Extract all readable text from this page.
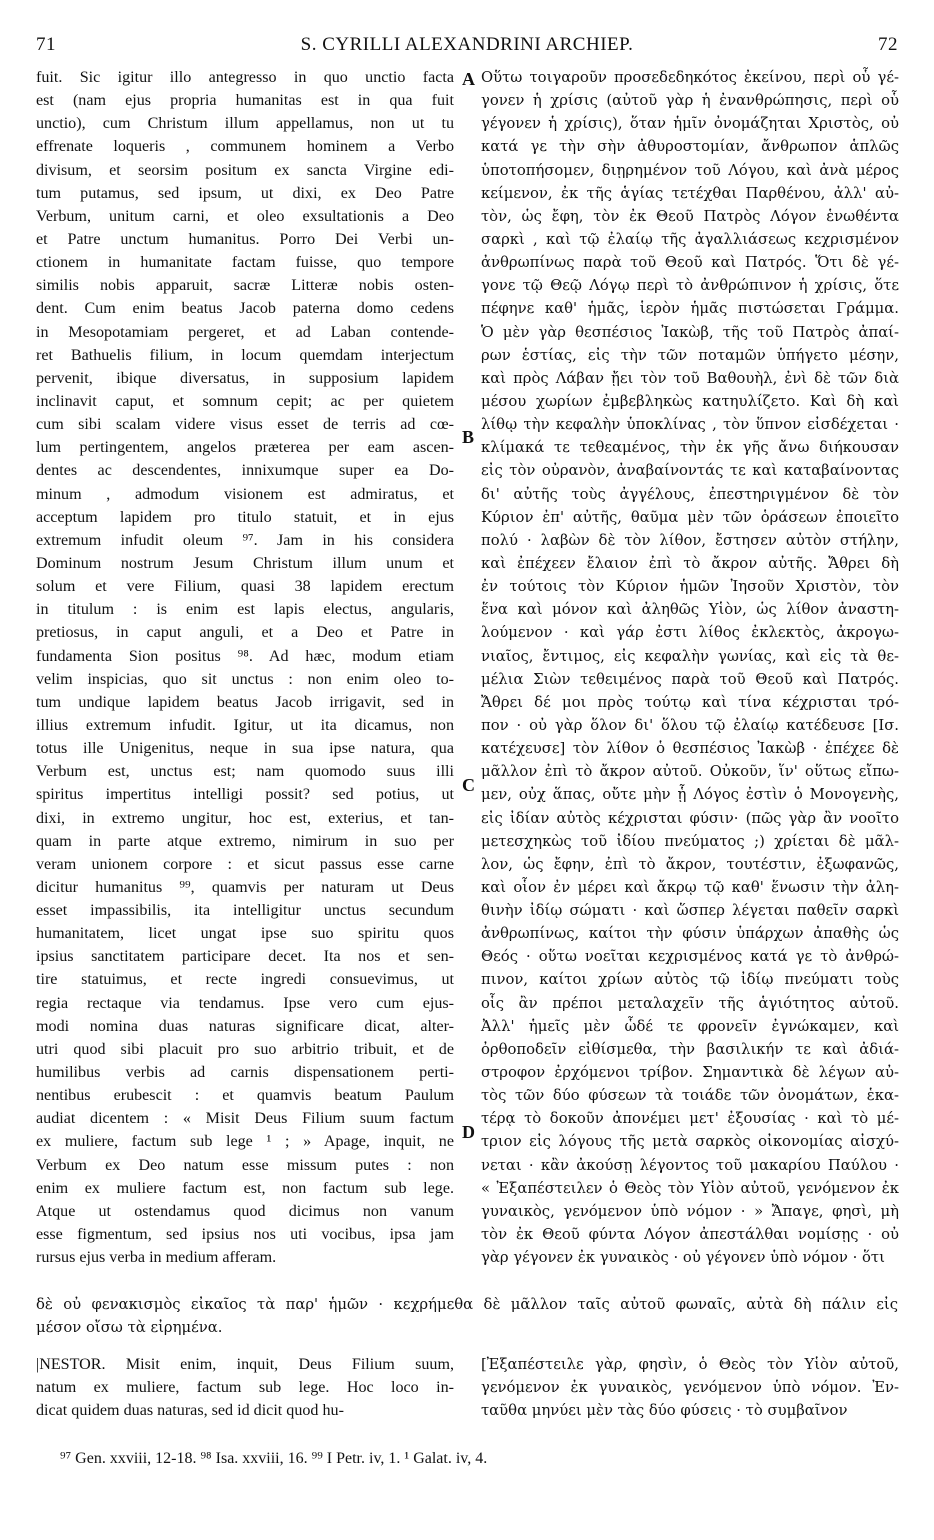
71	S. CYRILLI ALEXANDRINI ARCHIEP.	72
fuit. Sic igitur illo antegresso in quo unctio facta
est (nam ejus propria humanitas est in qua fuit
unctio), cum Christum illum appellamus, non ut tu
effrenate loqueris , communem hominem a Verbo
divisum, et seorsim positum ex sancta Virgine edi-
tum putamus, sed ipsum, ut dixi, ex Deo Patre
Verbum, unitum carni, et oleo exsultationis a Deo
et Patre unctum humanitus. Porro Dei Verbi un-
ctionem in humanitate factam fuisse, quo tempore
similis nobis apparuit, sacræ Litteræ nobis osten-
dent. Cum enim beatus Jacob paterna domo cedens
in Mesopotamiam pergeret, et ad Laban contende-
ret Bathuelis filium, in locum quemdam interjectum
pervenit, ibique diversatus, in supposium lapidem
inclinavit caput, et somnum cepit; ac per quietem
cum sibi scalam videre visus esset de terris ad cœ-
lum pertingentem, angelos præterea per eam ascen-
dentes ac descendentes, innixumque super ea Do-
minum , admodum visionem est admiratus, et
acceptum lapidem pro titulo statuit, et in ejus
extremum infudit oleum ⁹⁷. Jam in his considera
Dominum nostrum Jesum Christum illum unum et
solum et vere Filium, quasi 38 lapidem erectum
in titulum : is enim est lapis electus, angularis,
pretiosus, in caput anguli, et a Deo et Patre in
fundamenta Sion positus ⁹⁸. Ad hæc, modum etiam
velim inspicias, quo sit unctus : non enim oleo to-
tum undique lapidem beatus Jacob irrigavit, sed in
illius extremum infudit. Igitur, ut ita dicamus, non
totus ille Unigenitus, neque in sua ipse natura, qua
Verbum est, unctus est; nam quomodo suus illi
spiritus impertitus intelligi possit? sed potius, ut
dixi, in extremo ungitur, hoc est, exterius, et tan-
quam in parte atque extremo, nimirum in suo per
veram unionem corpore : et sicut passus esse carne
dicitur humanitus ⁹⁹, quamvis per naturam ut Deus
esset impassibilis, ita intelligitur unctus secundum
humanitatem, licet ungat ipse suo spiritu quos
ipsius sanctitatem participare decet. Ita nos et sen-
tire statuimus, et recte ingredi consuevimus, ut
regia rectaque via tendamus. Ipse vero cum ejus-
modi nomina duas naturas significare dicat, alter-
utri quod sibi placuit pro suo arbitrio tribuit, et de
humilibus verbis ad carnis dispensationem perti-
nentibus erubescit : et quamvis beatum Paulum
audiat dicentem : « Misit Deus Filium suum factum
ex muliere, factum sub lege ¹ ; » Apage, inquit, ne
Verbum ex Deo natum esse missum putes : non
enim ex muliere factum est, non factum sub lege.
Atque ut ostendamus quod dicimus non vanum
esse figmentum, sed ipsius nos uti vocibus, ipsa jam
rursus ejus verba in medium afferam.
Οὕτω τοιγαροῦν προσεδεδηκότος ἐκείνου, περὶ οὗ γέ-
γονεν ἡ χρίσις (αὐτοῦ γὰρ ἡ ἐνανθρώπησις, περὶ οὗ
γέγονεν ἡ χρίσις), ὅταν ἡμῖν ὀνομάζηται Χριστὸς, οὐ
κατά γε τὴν σὴν ἀθυροστομίαν, ἄνθρωπον ἁπλῶς
ὑποτοπήσομεν, διῃρημένον τοῦ Λόγου, καὶ ἀνὰ μέρος
κείμενον, ἐκ τῆς ἁγίας τετέχθαι Παρθένου, ἀλλ' αὐ-
τὸν, ὡς ἔφη, τὸν ἐκ Θεοῦ Πατρὸς Λόγον ἑνωθέντα
σαρκὶ , καὶ τῷ ἐλαίῳ τῆς ἀγαλλιάσεως κεχρισμένον
ἀνθρωπίνως παρὰ τοῦ Θεοῦ καὶ Πατρός. Ὅτι δὲ γέ-
γονε τῷ Θεῷ Λόγῳ περὶ τὸ ἀνθρώπινον ἡ χρίσις, ὅτε
πέφηνε καθ' ἡμᾶς, ἱερὸν ἡμᾶς πιστώσεται Γράμμα.
Ὁ μὲν γὰρ θεσπέσιος Ἰακὼβ, τῆς τοῦ Πατρὸς ἀπαί-
ρων ἑστίας, εἰς τὴν τῶν ποταμῶν ὑπήγετο μέσην,
καὶ πρὸς Λάβαν ᾔει τὸν τοῦ Βαθουὴλ, ἐνὶ δὲ τῶν διὰ
μέσου χωρίων ἐμβεβληκὼς κατηυλίζετο. Καὶ δὴ καὶ
λίθῳ τὴν κεφαλὴν ὑποκλίνας , τὸν ὕπνον εἰσδέχεται ·
κλίμακά τε τεθεαμένος, τὴν ἐκ γῆς ἄνω διήκουσαν
εἰς τὸν οὐρανὸν, ἀναβαίνοντάς τε καὶ καταβαίνοντας
δι' αὐτῆς τοὺς ἀγγέλους, ἐπεστηριγμένον δὲ τὸν
Κύριον ἐπ' αὐτῆς, θαῦμα μὲν τῶν ὁράσεων ἐποιεῖτο
πολύ · λαβὼν δὲ τὸν λίθον, ἔστησεν αὐτὸν στήλην,
καὶ ἐπέχεεν ἔλαιον ἐπὶ τὸ ἄκρον αὐτῆς. Ἄθρει δὴ
ἐν τούτοις τὸν Κύριον ἡμῶν Ἰησοῦν Χριστὸν, τὸν
ἕνα καὶ μόνον καὶ ἀληθῶς Υἱὸν, ὡς λίθον ἀναστη-
λούμενον · καὶ γάρ ἐστι λίθος ἐκλεκτὸς, ἀκρογω-
νιαῖος, ἔντιμος, εἰς κεφαλὴν γωνίας, καὶ εἰς τὰ θε-
μέλια Σιὼν τεθειμένος παρὰ τοῦ Θεοῦ καὶ Πατρός.
Ἄθρει δέ μοι πρὸς τούτῳ καὶ τίνα κέχρισται τρό-
πον · οὐ γὰρ ὅλον δι' ὅλου τῷ ἐλαίῳ κατέδευσε [Ισ.
κατέχευσε] τὸν λίθον ὁ θεσπέσιος Ἰακὼβ · ἐπέχεε δὲ
μᾶλλον ἐπὶ τὸ ἄκρον αὐτοῦ. Οὐκοῦν, ἵν' οὕτως εἴπω-
μεν, οὐχ ἅπας, οὔτε μὴν ᾗ Λόγος ἐστὶν ὁ Μονογενὴς,
εἰς ἰδίαν αὐτὸς κέχρισται φύσιν· (πῶς γὰρ ἂν νοοῖτο
μετεσχηκὼς τοῦ ἰδίου πνεύματος ;) χρίεται δὲ μᾶλ-
λον, ὡς ἔφην, ἐπὶ τὸ ἄκρον, τουτέστιν, ἐξωφανῶς,
καὶ οἷον ἐν μέρει καὶ ἄκρῳ τῷ καθ' ἕνωσιν τὴν ἀλη-
θινὴν ἰδίῳ σώματι · καὶ ὥσπερ λέγεται παθεῖν σαρκὶ
ἀνθρωπίνως, καίτοι τὴν φύσιν ὑπάρχων ἀπαθὴς ὡς
Θεός · οὕτω νοεῖται κεχρισμένος κατά γε τὸ ἀνθρώ-
πινον, καίτοι χρίων αὐτὸς τῷ ἰδίῳ πνεύματι τοὺς
οἷς ἂν πρέποι μεταλαχεῖν τῆς ἁγιότητος αὐτοῦ.
Ἀλλ' ἡμεῖς μὲν ὧδέ τε φρονεῖν ἐγνώκαμεν, καὶ
ὀρθοποδεῖν εἰθίσμεθα, τὴν βασιλικήν τε καὶ ἀδιά-
στροφον ἐρχόμενοι τρίβον. Σημαντικὰ δὲ λέγων αὐ-
τὸς τῶν δύο φύσεων τὰ τοιάδε τῶν ὀνομάτων, ἑκα-
τέρᾳ τὸ δοκοῦν ἀπονέμει μετ' ἐξουσίας · καὶ τὸ μέ-
τριον εἰς λόγους τῆς μετὰ σαρκὸς οἰκονομίας αἰσχύ-
νεται · κἂν ἀκούσῃ λέγοντος τοῦ μακαρίου Παύλου ·
« Ἐξαπέστειλεν ὁ Θεὸς τὸν Υἱὸν αὐτοῦ, γενόμενον ἐκ
γυναικὸς, γενόμενον ὑπὸ νόμον · » Ἄπαγε, φησὶ, μὴ
τὸν ἐκ Θεοῦ φύντα Λόγον ἀπεστάλθαι νομίσῃς · οὐ
γὰρ γέγονεν ἐκ γυναικὸς · οὐ γέγονεν ὑπὸ νόμον · ὅτι
A
B
C
D
δὲ οὐ φενακισμὸς εἰκαῖος τὰ παρ' ἡμῶν · κεχρήμεθα δὲ μᾶλλον ταῖς αὐτοῦ φωναῖς, αὐτὰ δὴ πάλιν εἰς
μέσον οἴσω τὰ εἰρημένα.
|NESTOR. Misit enim, inquit, Deus Filium suum,
natum ex muliere, factum sub lege. Hoc loco in-
dicat quidem duas naturas, sed id dicit quod hu-
[Ἐξαπέστειλε γὰρ, φησὶν, ὁ Θεὸς τὸν Υἱὸν αὐτοῦ,
γενόμενον ἐκ γυναικὸς, γενόμενον ὑπὸ νόμον. Ἐν-
ταῦθα μηνύει μὲν τὰς δύο φύσεις · τὸ συμβαῖνον
⁹⁷ Gen. xxviii, 12-18. ⁹⁸ Isa. xxviii, 16. ⁹⁹ I Petr. iv, 1. ¹ Galat. iv, 4.
